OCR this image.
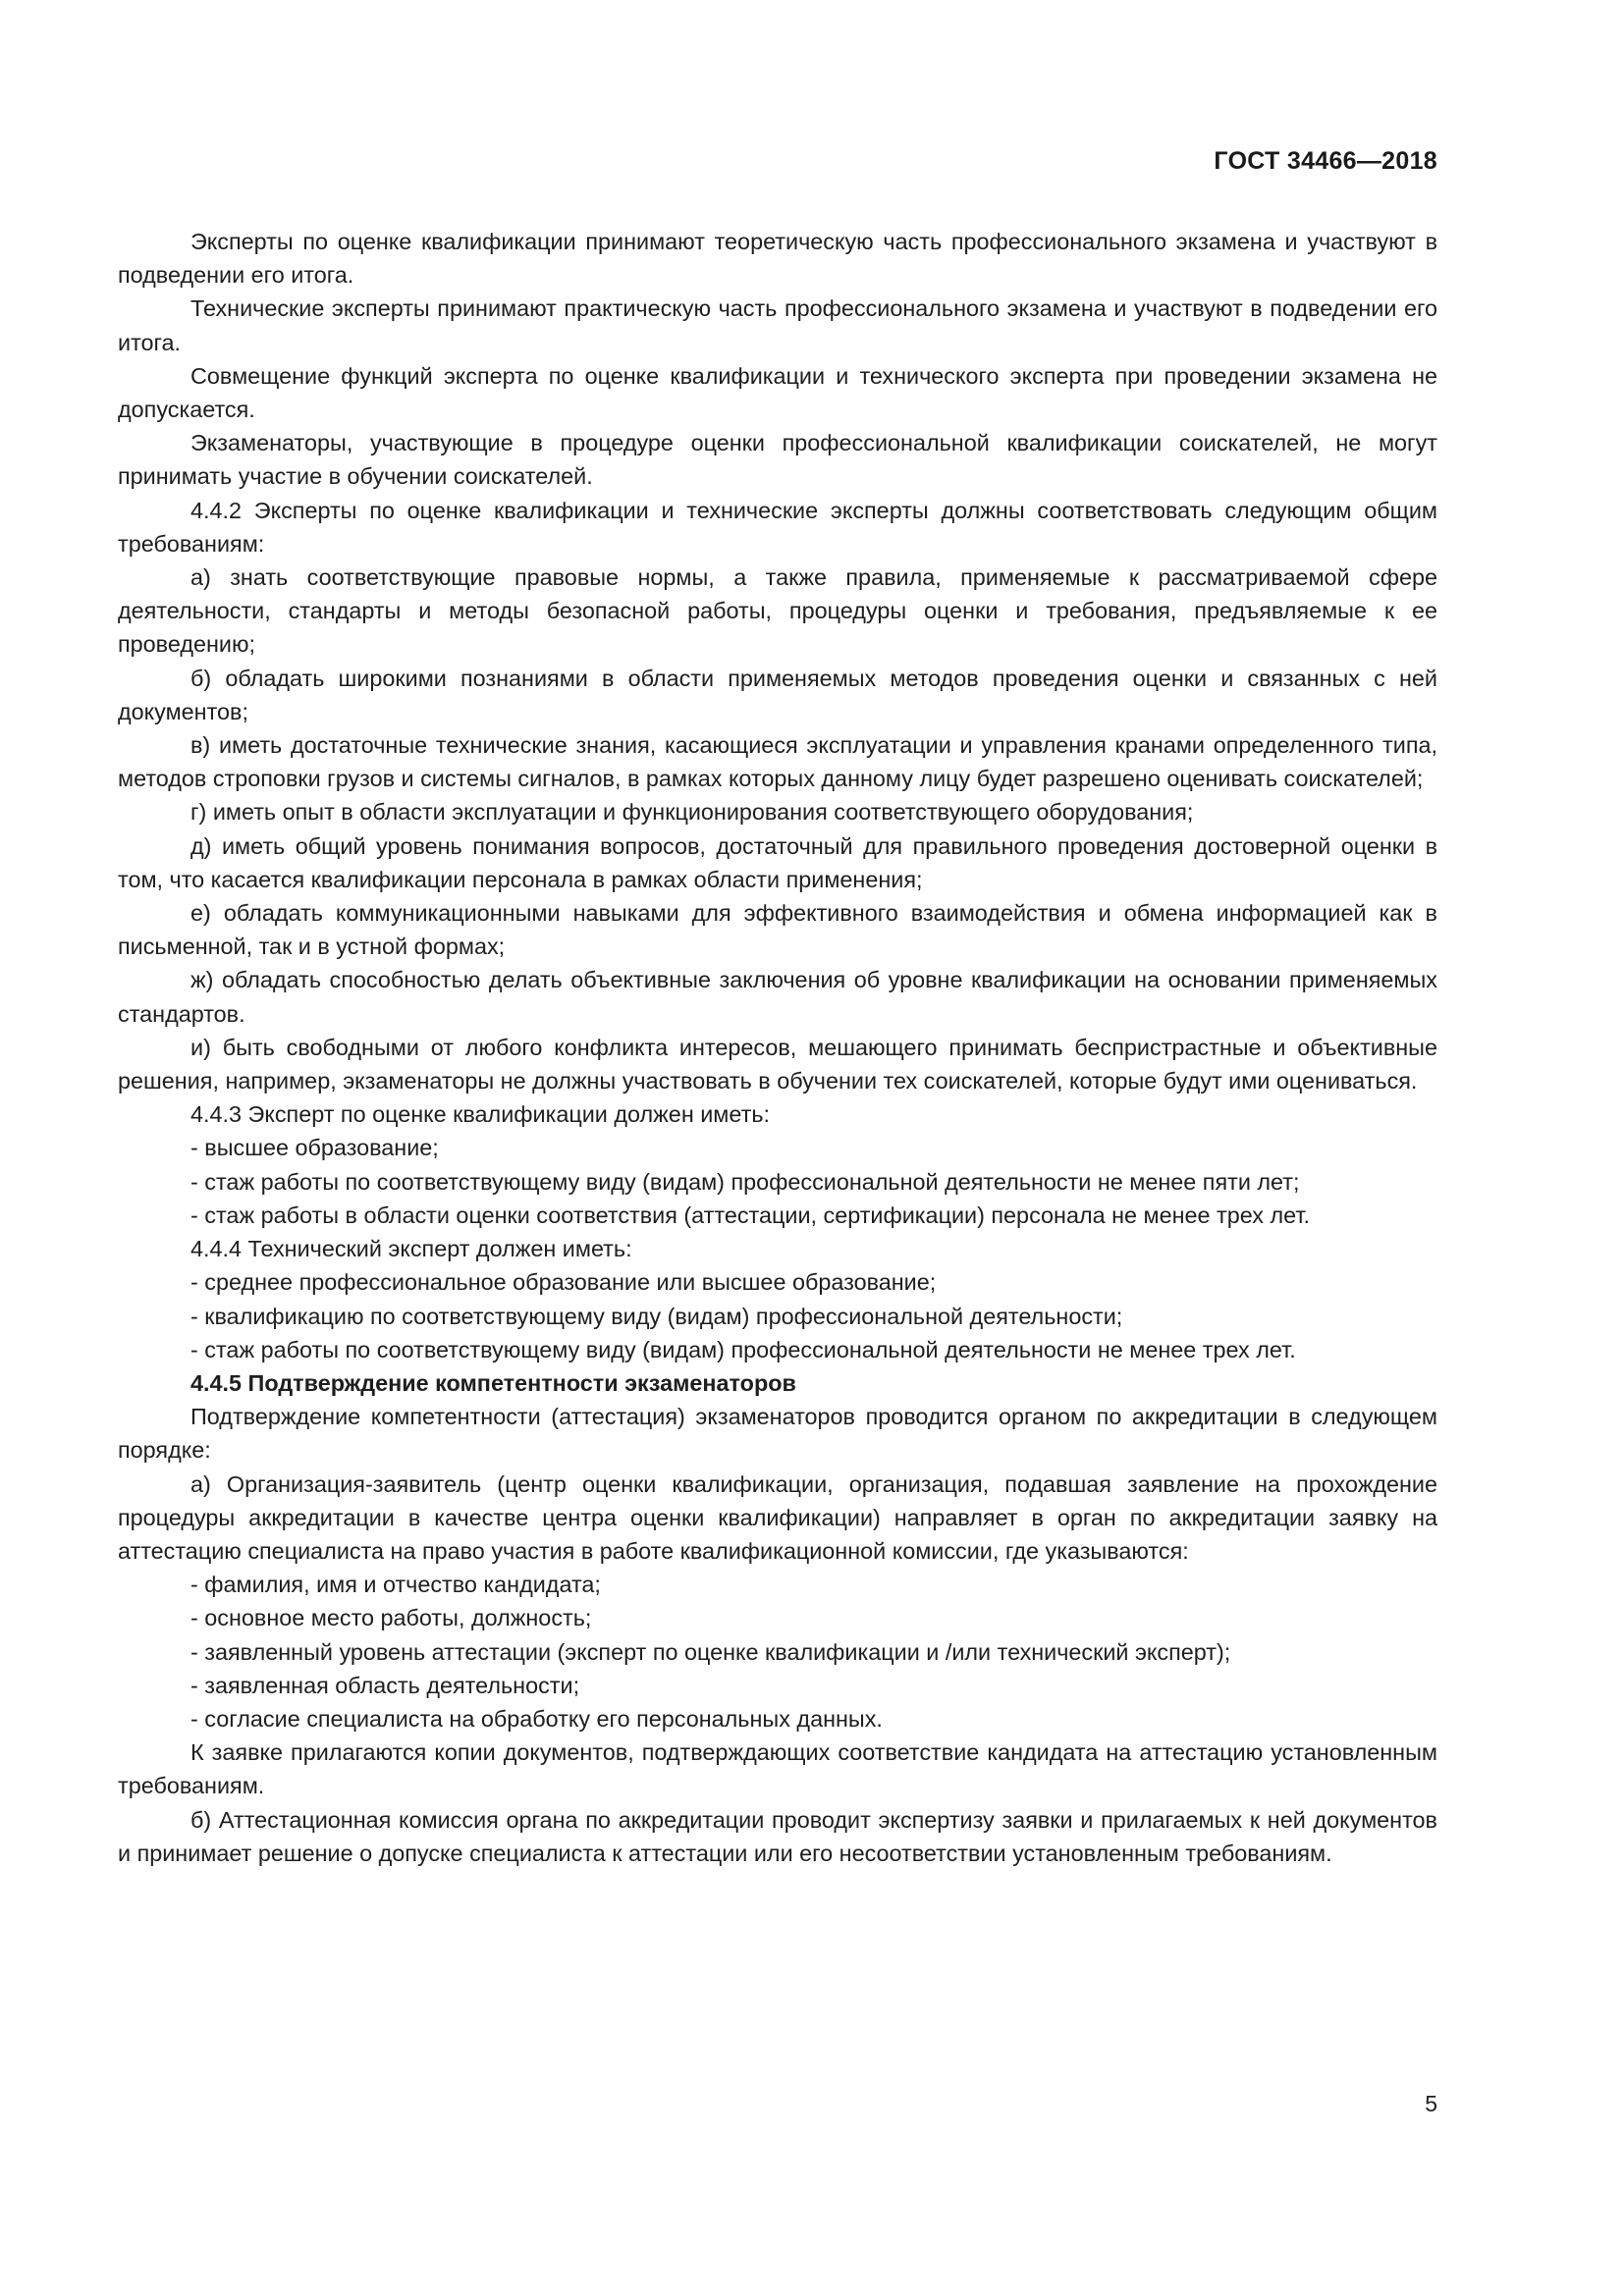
ГОСТ 34466—2018

Эксперты по оценке квалификации принимают теоретическую часть профессионального экзамена и участвуют в подведении его итога.

Технические эксперты принимают практическую часть профессионального экзамена и участвуют в подведении его итога.

Совмещение функций эксперта по оценке квалификации и технического эксперта при проведении экзамена не допускается.

Экзаменаторы, участвующие в процедуре оценки профессиональной квалификации соискателей, не могут принимать участие в обучении соискателей.

4.4.2 Эксперты по оценке квалификации и технические эксперты должны соответствовать следующим общим требованиям:

а) знать соответствующие правовые нормы, а также правила, применяемые к рассматриваемой сфере деятельности, стандарты и методы безопасной работы, процедуры оценки и требования, предъявляемые к ее проведению;

б) обладать широкими познаниями в области применяемых методов проведения оценки и связанных с ней документов;

в) иметь достаточные технические знания, касающиеся эксплуатации и управления кранами определенного типа, методов строповки грузов и системы сигналов, в рамках которых данному лицу будет разрешено оценивать соискателей;

г) иметь опыт в области эксплуатации и функционирования соответствующего оборудования;

д) иметь общий уровень понимания вопросов, достаточный для правильного проведения достоверной оценки в том, что касается квалификации персонала в рамках области применения;

е) обладать коммуникационными навыками для эффективного взаимодействия и обмена информацией как в письменной, так и в устной формах;

ж) обладать способностью делать объективные заключения об уровне квалификации на основании применяемых стандартов.

и) быть свободными от любого конфликта интересов, мешающего принимать беспристрастные и объективные решения, например, экзаменаторы не должны участвовать в обучении тех соискателей, которые будут ими оцениваться.

4.4.3 Эксперт по оценке квалификации должен иметь:

- высшее образование;

- стаж работы по соответствующему виду (видам) профессиональной деятельности не менее пяти лет;

- стаж работы в области оценки соответствия (аттестации, сертификации) персонала не менее трех лет.

4.4.4 Технический эксперт должен иметь:

- среднее профессиональное образование или высшее образование;

- квалификацию по соответствующему виду (видам) профессиональной деятельности;

- стаж работы по соответствующему виду (видам) профессиональной деятельности не менее трех лет.

4.4.5 Подтверждение компетентности экзаменаторов

Подтверждение компетентности (аттестация) экзаменаторов проводится органом по аккредитации в следующем порядке:

а) Организация-заявитель (центр оценки квалификации, организация, подавшая заявление на прохождение процедуры аккредитации в качестве центра оценки квалификации) направляет в орган по аккредитации заявку на аттестацию специалиста на право участия в работе квалификационной комиссии, где указываются:

- фамилия, имя и отчество кандидата;

- основное место работы, должность;

- заявленный уровень аттестации (эксперт по оценке квалификации и /или технический эксперт);

- заявленная область деятельности;

- согласие специалиста на обработку его персональных данных.

К заявке прилагаются копии документов, подтверждающих соответствие кандидата на аттестацию установленным требованиям.

б) Аттестационная комиссия органа по аккредитации проводит экспертизу заявки и прилагаемых к ней документов и принимает решение о допуске специалиста к аттестации или его несоответствии установленным требованиям.

5
